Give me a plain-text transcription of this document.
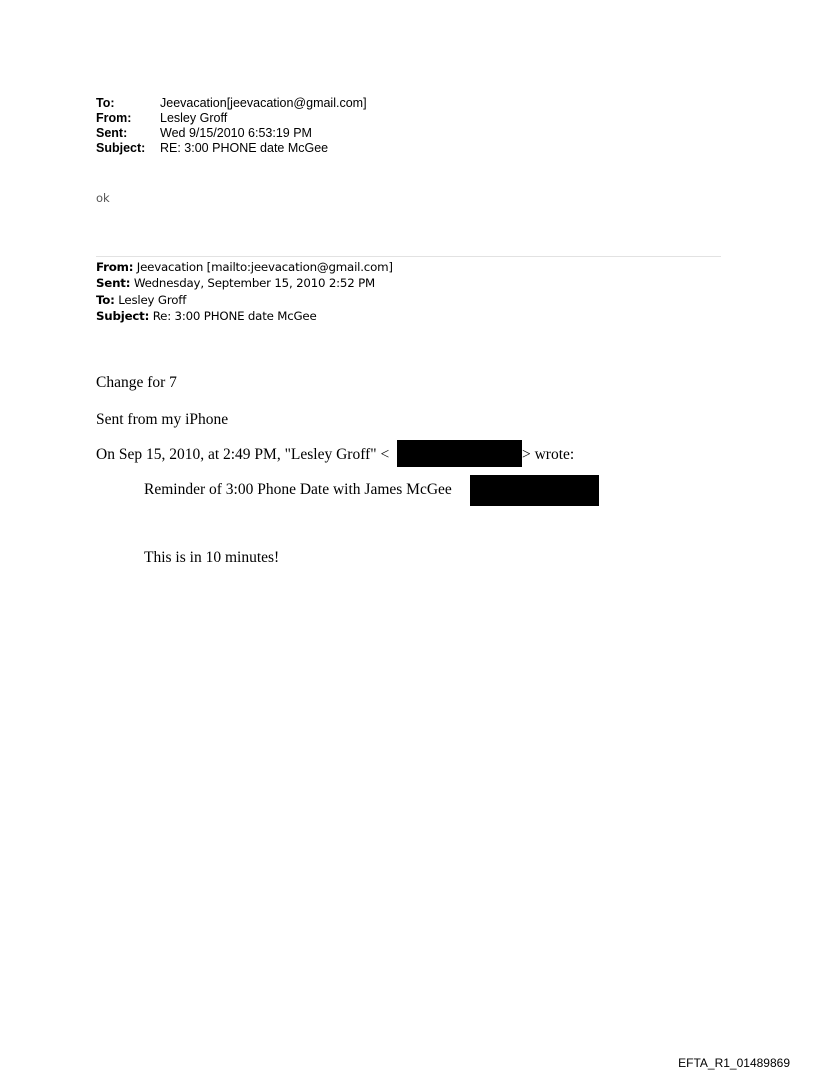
To:	Jeevacation[jeevacation@gmail.com]
From:	Lesley Groff
Sent:	Wed 9/15/2010 6:53:19 PM
Subject:	RE: 3:00 PHONE date McGee
ok
From: Jeevacation [mailto:jeevacation@gmail.com]
Sent: Wednesday, September 15, 2010 2:52 PM
To: Lesley Groff
Subject: Re: 3:00 PHONE date McGee
Change for 7
Sent from my iPhone
On Sep 15, 2010, at 2:49 PM, "Lesley Groff" <	> wrote:
Reminder of 3:00 Phone Date with James McGee
This is in 10 minutes!
EFTA_R1_01489869
